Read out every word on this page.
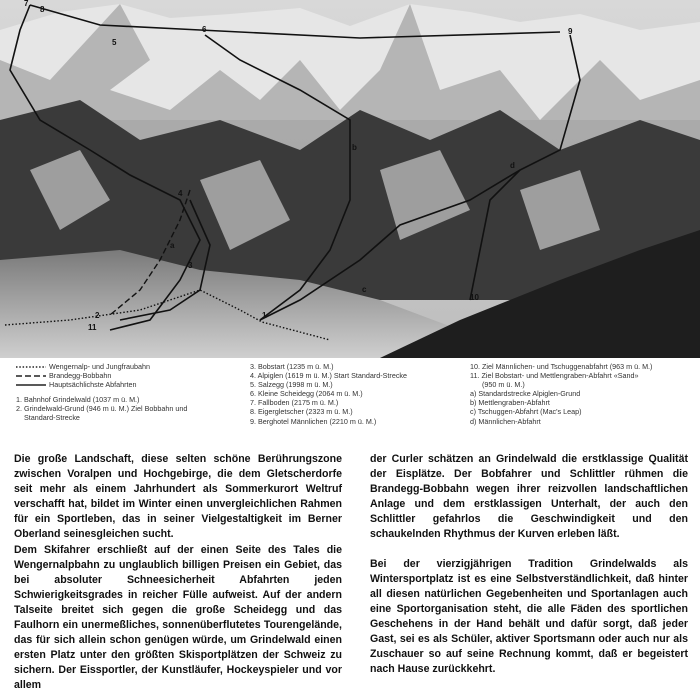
1
2
3
4
5
6
7
8
9
10
11
a
b
c
d
Wengernalp- und Jungfraubahn
Brandegg-Bobbahn
Hauptsächlichste Abfahrten
1. Bahnhof Grindelwald (1037 m ü. M.)
2. Grindelwald-Grund (946 m ü. M.) Ziel Bobbahn und
Standard-Strecke
3. Bobstart (1235 m ü. M.)
4. Alpiglen (1619 m ü. M.) Start Standard-Strecke
5. Salzegg (1998 m ü. M.)
6. Kleine Scheidegg (2064 m ü. M.)
7. Fallboden (2175 m ü. M.)
8. Eigergletscher (2323 m ü. M.)
9. Berghotel Männlichen (2210 m ü. M.)
10. Ziel Männlichen- und Tschuggenabfahrt (963 m ü. M.)
11. Ziel Bobstart- und Mettlengraben-Abfahrt «Sand»
(950 m ü. M.)
a) Standardstrecke Alpiglen-Grund
b) Mettlengraben-Abfahrt
c) Tschuggen-Abfahrt (Mac's Leap)
d) Männlichen-Abfahrt

Die große Landschaft, diese selten schöne Berührungszone zwischen Voralpen und Hochgebirge, die dem Gletscherdorfe seit mehr als einem Jahrhundert als Sommerkurort Weltruf verschafft hat, bildet im Winter einen unvergleichlichen Rahmen für ein Sportleben, das in seiner Vielgestaltigkeit im Berner Oberland seinesgleichen sucht.

Dem Skifahrer erschließt auf der einen Seite des Tales die Wengernalpbahn zu unglaublich billigen Preisen ein Gebiet, das bei absoluter Schneesicherheit Abfahrten jeden Schwierigkeitsgrades in reicher Fülle aufweist. Auf der andern Talseite breitet sich gegen die große Scheidegg und das Faulhorn ein unermeßliches, sonnenüberflutetes Tourengelände, das für sich allein schon genügen würde, um Grindelwald einen ersten Platz unter den größten Skisportplätzen der Schweiz zu sichern. Der Eissportler, der Kunstläufer, Hockeyspieler und vor allem

der Curler schätzen an Grindelwald die erstklassige Qualität der Eisplätze. Der Bobfahrer und Schlittler rühmen die Brandegg-Bobbahn wegen ihrer reizvollen landschaftlichen Anlage und dem erstklassigen Unterhalt, der auch den Schlittler gefahrlos die Geschwindigkeit und den schaukelnden Rhythmus der Kurven erleben läßt.

Bei der vierzigjährigen Tradition Grindelwalds als Wintersportplatz ist es eine Selbstverständlichkeit, daß hinter all diesen natürlichen Gegebenheiten und Sportanlagen auch eine Sportorganisation steht, die alle Fäden des sportlichen Geschehens in der Hand behält und dafür sorgt, daß jeder Gast, sei es als Schüler, aktiver Sportsmann oder auch nur als Zuschauer so auf seine Rechnung kommt, daß er begeistert nach Hause zurückkehrt.
